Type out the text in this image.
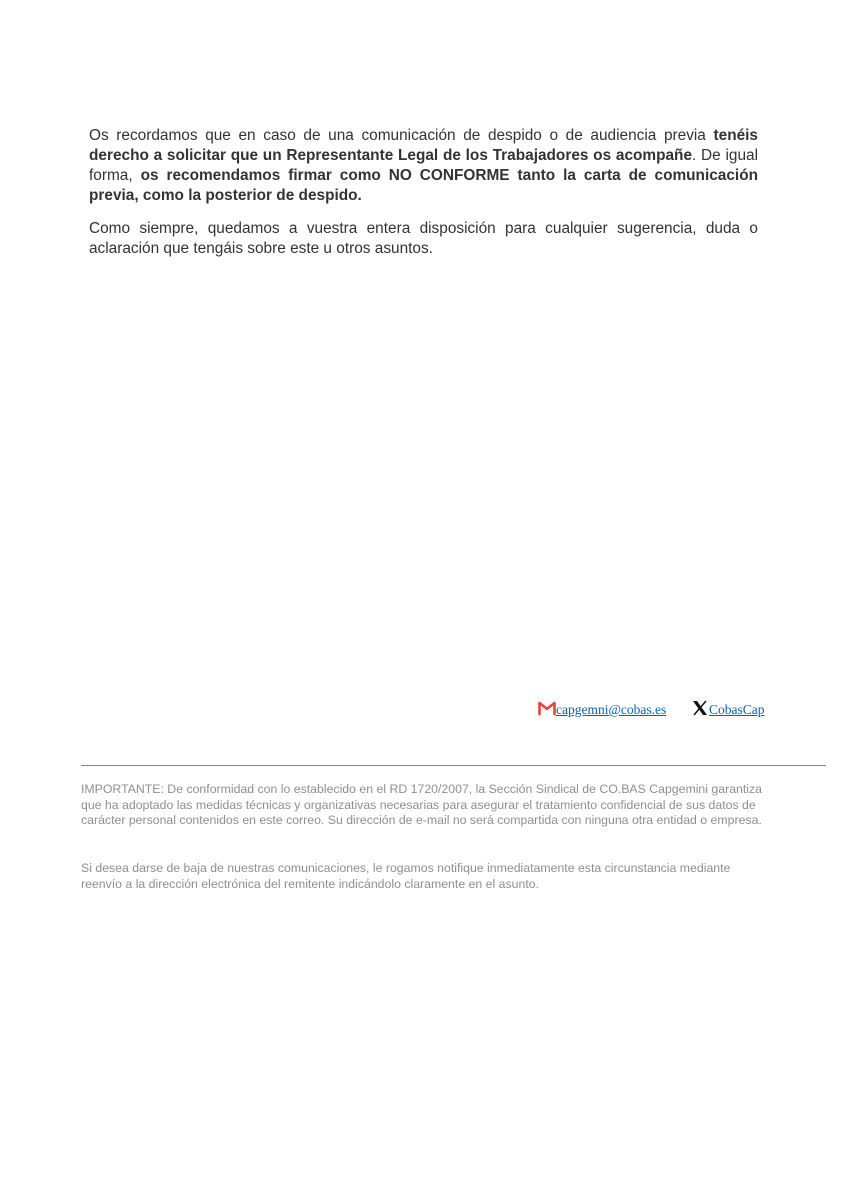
Os recordamos que en caso de una comunicación de despido o de audiencia previa tenéis derecho a solicitar que un Representante Legal de los Trabajadores os acompañe. De igual forma, os recomendamos firmar como NO CONFORME tanto la carta de comunicación previa, como la posterior de despido.

Como siempre, quedamos a vuestra entera disposición para cualquier sugerencia, duda o aclaración que tengáis sobre este u otros asuntos.

capgemni@cobas.es	CobasCap

IMPORTANTE: De conformidad con lo establecido en el RD 1720/2007, la Sección Sindical de CO.BAS Capgemini garantiza que ha adoptado las medidas técnicas y organizativas necesarias para asegurar el tratamiento confidencial de sus datos de carácter personal contenidos en este correo. Su dirección de e-mail no será compartida con ninguna otra entidad o empresa.

Si desea darse de baja de nuestras comunicaciones, le rogamos notifique inmediatamente esta circunstancia mediante reenvío a la dirección electrónica del remitente indicándolo claramente en el asunto.
